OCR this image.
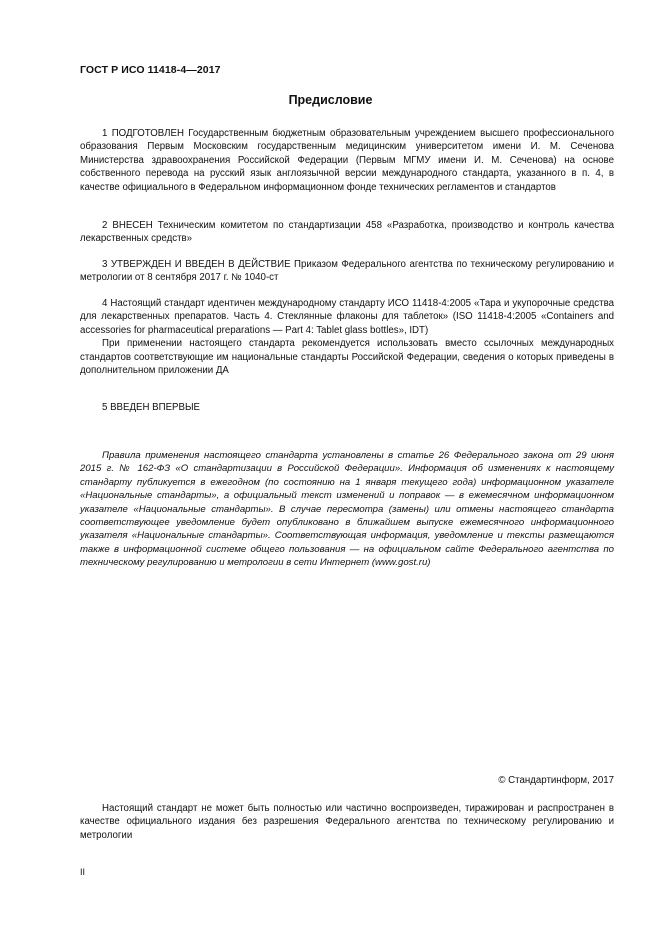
ГОСТ Р ИСО 11418-4—2017
Предисловие

1 ПОДГОТОВЛЕН Государственным бюджетным образовательным учреждением высшего профессионального образования Первым Московским государственным медицинским университетом имени И. М. Сеченова Министерства здравоохранения Российской Федерации (Первым МГМУ имени И. М. Сеченова) на основе собственного перевода на русский язык англоязычной версии международного стандарта, указанного в п. 4, в качестве официального в Федеральном информационном фонде технических регламентов и стандартов

2 ВНЕСЕН Техническим комитетом по стандартизации 458 «Разработка, производство и контроль качества лекарственных средств»

3 УТВЕРЖДЕН И ВВЕДЕН В ДЕЙСТВИЕ Приказом Федерального агентства по техническому регулированию и метрологии от 8 сентября 2017 г. № 1040-ст

4 Настоящий стандарт идентичен международному стандарту ИСО 11418-4:2005 «Тара и укупорочные средства для лекарственных препаратов. Часть 4. Стеклянные флаконы для таблеток» (ISO 11418-4:2005 «Containers and accessories for pharmaceutical preparations — Part 4: Tablet glass bottles», IDT)

При применении настоящего стандарта рекомендуется использовать вместо ссылочных международных стандартов соответствующие им национальные стандарты Российской Федерации, сведения о которых приведены в дополнительном приложении ДА

5 ВВЕДЕН ВПЕРВЫЕ

Правила применения настоящего стандарта установлены в статье 26 Федерального закона от 29 июня 2015 г. № 162-ФЗ «О стандартизации в Российской Федерации». Информация об изменениях к настоящему стандарту публикуется в ежегодном (по состоянию на 1 января текущего года) информационном указателе «Национальные стандарты», а официальный текст изменений и поправок — в ежемесячном информационном указателе «Национальные стандарты». В случае пересмотра (замены) или отмены настоящего стандарта соответствующее уведомление будет опубликовано в ближайшем выпуске ежемесячного информационного указателя «Национальные стандарты». Соответствующая информация, уведомление и тексты размещаются также в информационной системе общего пользования — на официальном сайте Федерального агентства по техническому регулированию и метрологии в сети Интернет (www.gost.ru)
© Стандартинформ, 2017
Настоящий стандарт не может быть полностью или частично воспроизведен, тиражирован и распространен в качестве официального издания без разрешения Федерального агентства по техническому регулированию и метрологии
II
